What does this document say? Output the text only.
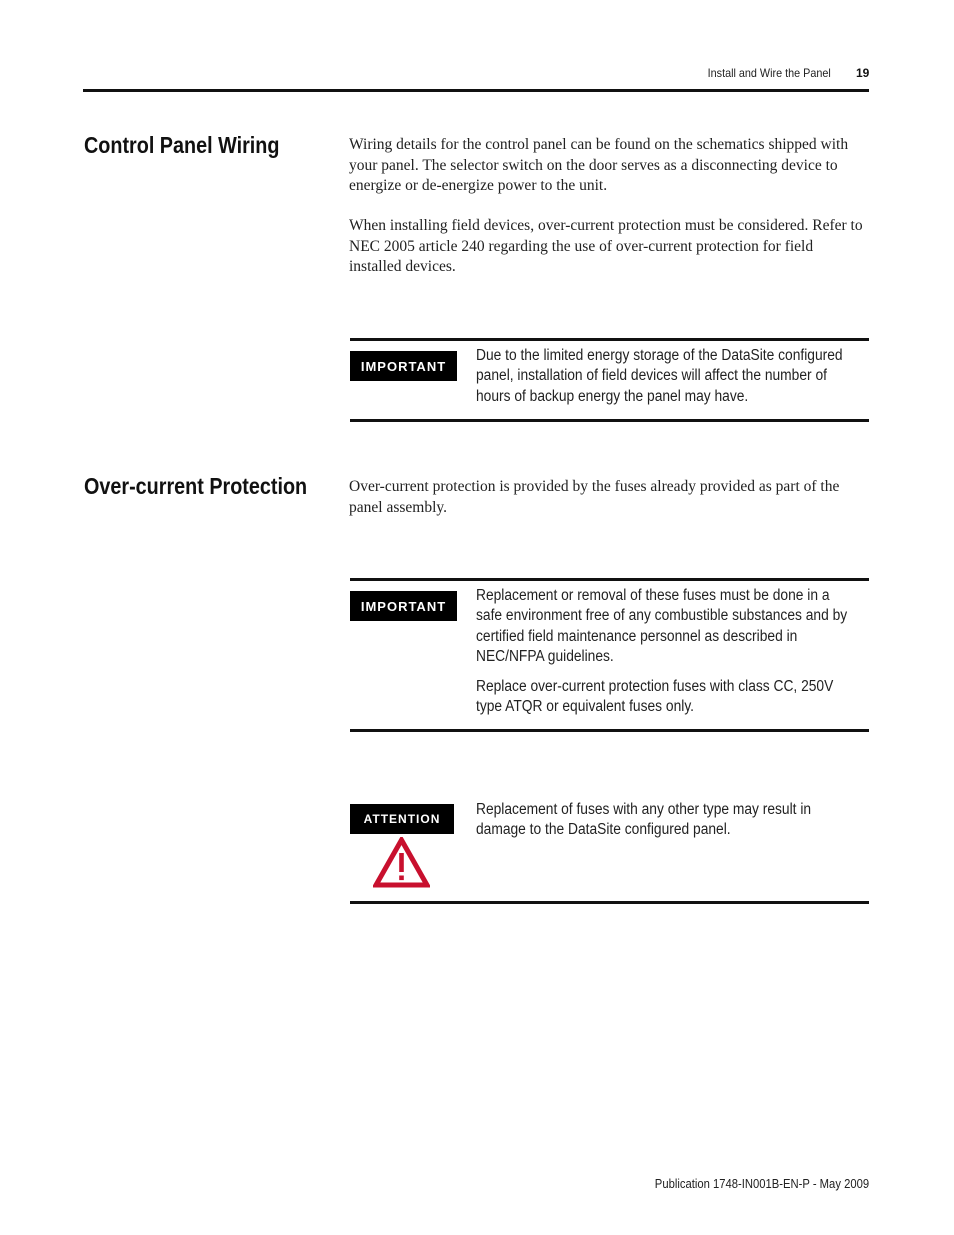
Install and Wire the Panel 19
Control Panel Wiring	Wiring details for the control panel can be found on the schematics shipped with your panel. The selector switch on the door serves as a disconnecting device to energize or de-energize power to the unit.

When installing field devices, over-current protection must be considered. Refer to NEC 2005 article 240 regarding the use of over-current protection for field installed devices.

IMPORTANT

Due to the limited energy storage of the DataSite configured panel, installation of field devices will affect the number of hours of backup energy the panel may have.

Over-current Protection	Over-current protection is provided by the fuses already provided as part of the panel assembly.

IMPORTANT

Replacement or removal of these fuses must be done in a safe environment free of any combustible substances and by certified field maintenance personnel as described in NEC/NFPA guidelines.

Replace over-current protection fuses with class CC, 250V type ATQR or equivalent fuses only.

ATTENTION

Replacement of fuses with any other type may result in damage to the DataSite configured panel.

Publication 1748-IN001B-EN-P - May 2009
